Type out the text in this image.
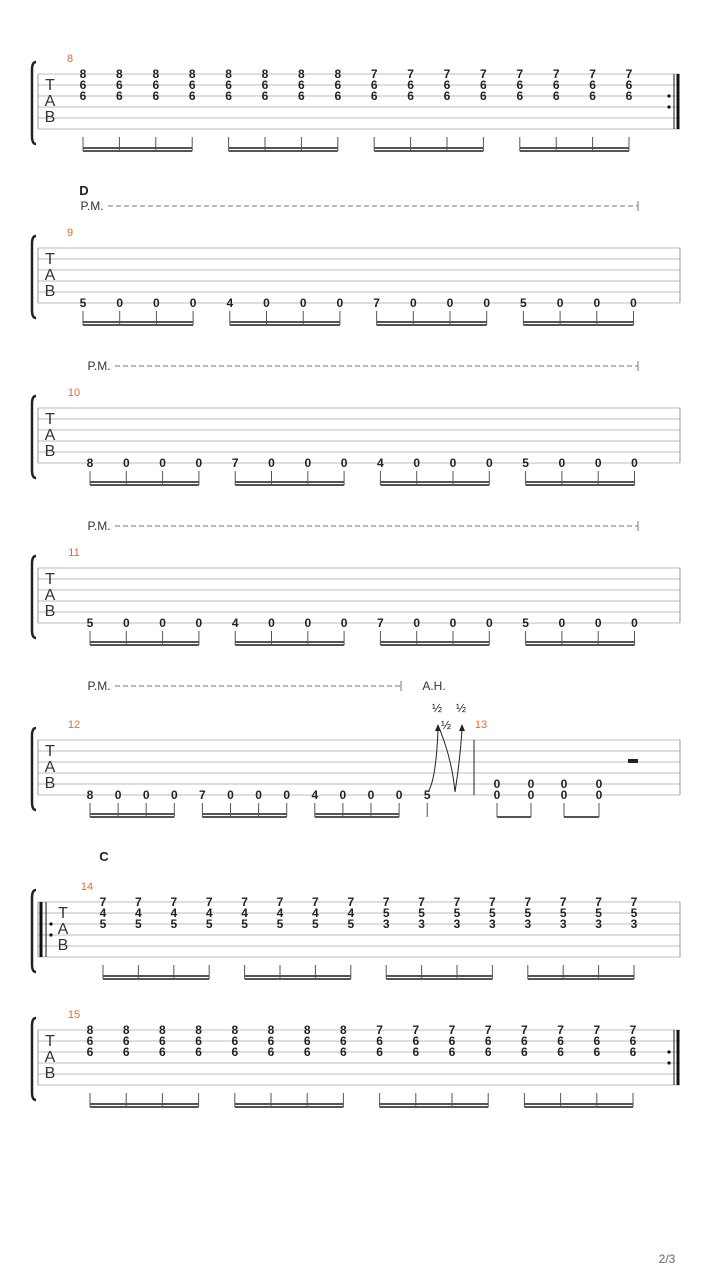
2/3
T
A
B
8
8
6
6
8
6
6
8
6
6
8
6
6
8
6
6
8
6
6
8
6
6
8
6
6
7
6
6
7
6
6
7
6
6
7
6
6
7
6
6
7
6
6
7
6
6
7
6
6
T
A
B
D
P.M.
9
5	0	0	0	4	0	0	0	7	0	0	0	5	0	0	0
T
A
B
P.M.
10
8 0 0 0 7 0 0 0 4 0 0 0 5 0 0 0
T
A
B
P.M.
11
5 0 0 0 4 0 0 0 7 0 0 0 5 0 0 0
T
A
B
P.M.
12
8 0 0 0 7 0 0 0 4 0 0 0 5
13
0
0
0
0
0
0
0
0
A.H.
½
½
½
T
A
B
C
14
7
4
5
7
4
5
7
4
5
7
4
5
7
4
5
7
4
5
7
4
5
7
4
5
7
5
3
7
5
3
7
5
3
7
5
3
7
5
3
7
5
3
7
5
3
7
5
3
T
A
B
15
8
6
6
8
6
6
8
6
6
8
6
6
8
6
6
8
6
6
8
6
6
8
6
6
7
6
6
7
6
6
7
6
6
7
6
6
7
6
6
7
6
6
7
6
6
7
6
6
